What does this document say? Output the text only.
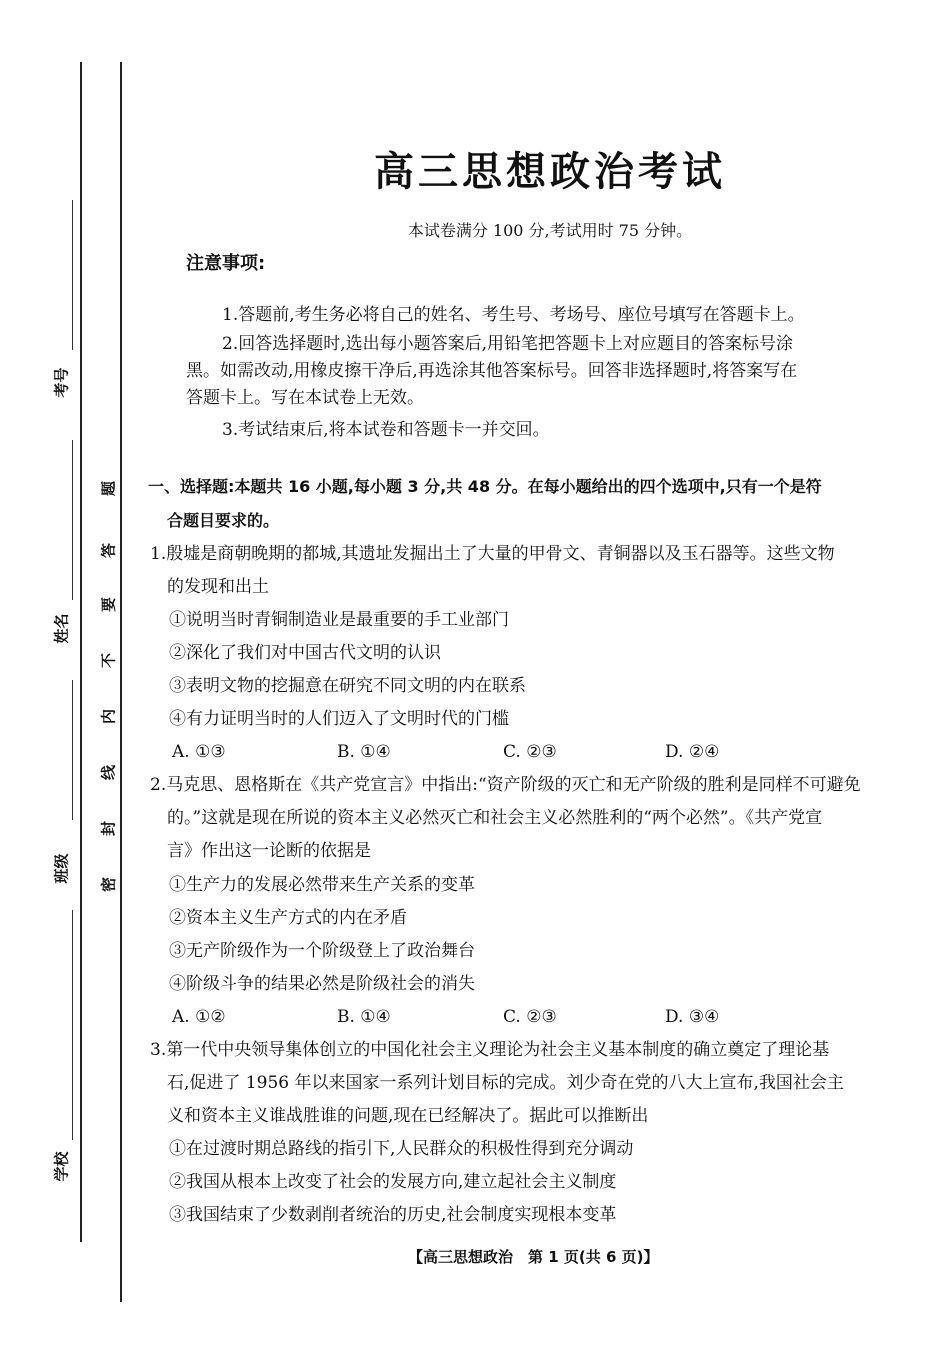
考号
姓名
班级
学校
题
答
要
不
内
线
封
密
高三思想政治考试
本试卷满分 100 分,考试用时 75 分钟。
注意事项:
1.答题前,考生务必将自己的姓名、考生号、考场号、座位号填写在答题卡上。
2.回答选择题时,选出每小题答案后,用铅笔把答题卡上对应题目的答案标号涂
黑。如需改动,用橡皮擦干净后,再选涂其他答案标号。回答非选择题时,将答案写在
答题卡上。写在本试卷上无效。
3.考试结束后,将本试卷和答题卡一并交回。
一、选择题:本题共 16 小题,每小题 3 分,共 48 分。在每小题给出的四个选项中,只有一个是符
合题目要求的。
1.殷墟是商朝晚期的都城,其遗址发掘出土了大量的甲骨文、青铜器以及玉石器等。这些文物
的发现和出土
①说明当时青铜制造业是最重要的手工业部门
②深化了我们对中国古代文明的认识
③表明文物的挖掘意在研究不同文明的内在联系
④有力证明当时的人们迈入了文明时代的门槛
A. ①③	B. ①④	C. ②③	D. ②④
2.马克思、恩格斯在《共产党宣言》中指出:“资产阶级的灭亡和无产阶级的胜利是同样不可避免
的。”这就是现在所说的资本主义必然灭亡和社会主义必然胜利的“两个必然”。《共产党宣
言》作出这一论断的依据是
①生产力的发展必然带来生产关系的变革
②资本主义生产方式的内在矛盾
③无产阶级作为一个阶级登上了政治舞台
④阶级斗争的结果必然是阶级社会的消失
A. ①②	B. ①④	C. ②③	D. ③④
3.第一代中央领导集体创立的中国化社会主义理论为社会主义基本制度的确立奠定了理论基
石,促进了 1956 年以来国家一系列计划目标的完成。刘少奇在党的八大上宣布,我国社会主
义和资本主义谁战胜谁的问题,现在已经解决了。据此可以推断出
①在过渡时期总路线的指引下,人民群众的积极性得到充分调动
②我国从根本上改变了社会的发展方向,建立起社会主义制度
③我国结束了少数剥削者统治的历史,社会制度实现根本变革
【高三思想政治　第 1 页(共 6 页)】
